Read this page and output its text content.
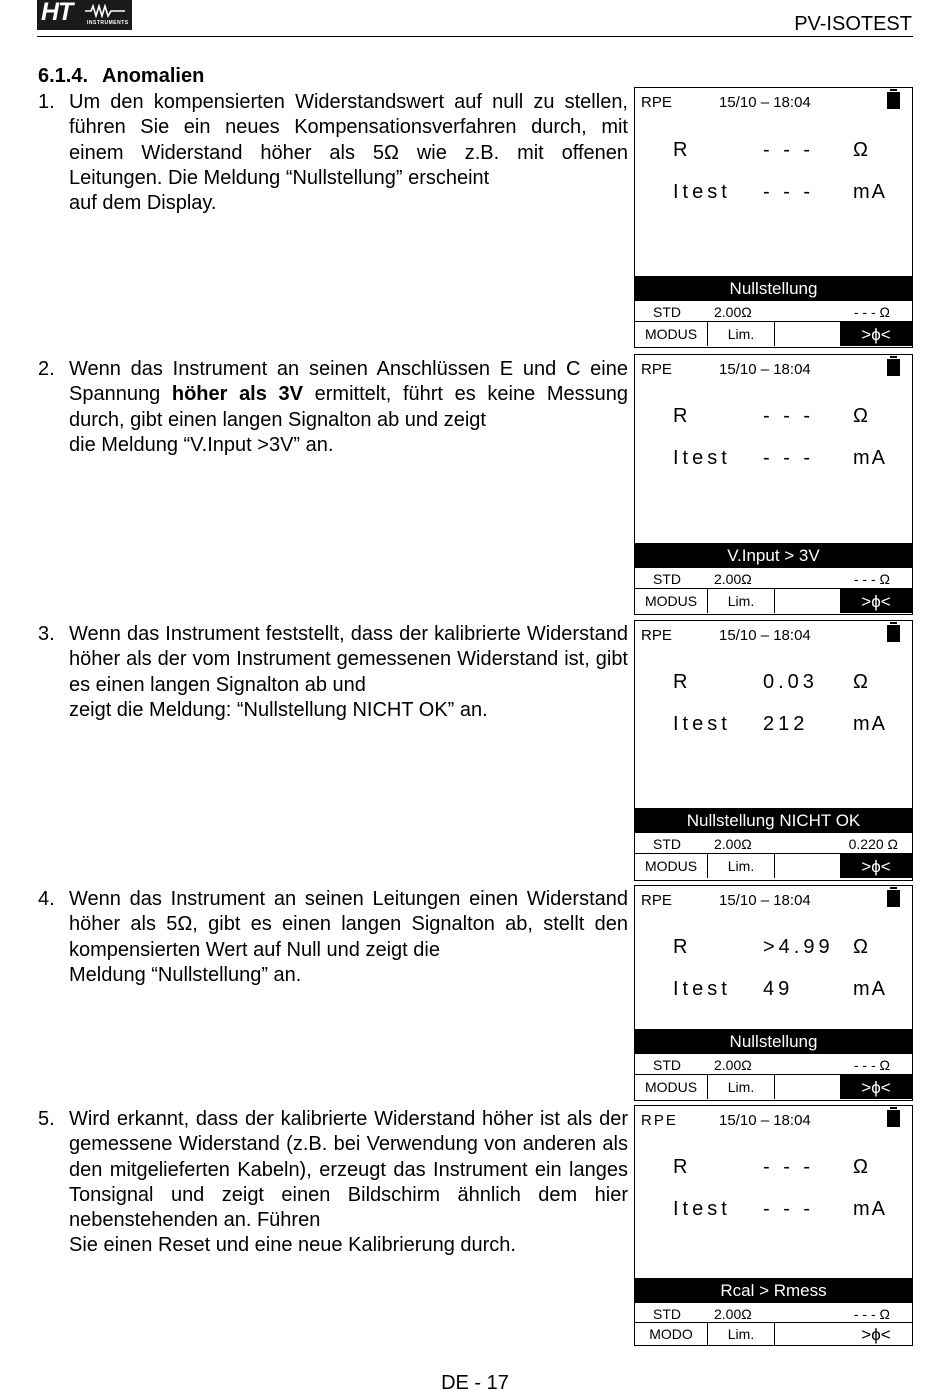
HT	INSTRUMENTS	PV-ISOTEST
6.1.4. Anomalien
1. Um den kompensierten Widerstandswert auf null zu stellen, führen Sie ein neues Kompensationsverfahren durch, mit einem Widerstand höher als 5Ω wie z.B. mit offenen Leitungen. Die Meldung “Nullstellung” erscheint
auf dem Display.
RPE	15/10 – 18:04
R	- - - Ω
Itest - - - mA
Nullstellung
STD 2.00Ω	- - - Ω
MODUS	Lim.	>ϕ<
2. Wenn das Instrument an seinen Anschlüssen E und C eine Spannung höher als 3V ermittelt, führt es keine Messung durch, gibt einen langen Signalton ab und zeigt
die Meldung “V.Input >3V” an.
RPE	15/10 – 18:04
R	- - - Ω
Itest - - - mA
V.Input > 3V
STD 2.00Ω	- - - Ω
MODUS	Lim.	>ϕ<
3. Wenn das Instrument feststellt, dass der kalibrierte Widerstand höher als der vom Instrument gemessenen Widerstand ist, gibt es einen langen Signalton ab und
zeigt die Meldung: “Nullstellung NICHT OK” an.
RPE	15/10 – 18:04
R	0.03 Ω
Itest 212 mA
Nullstellung NICHT OK
STD 2.00Ω	0.220 Ω
MODUS	Lim.	>ϕ<
4. Wenn das Instrument an seinen Leitungen einen Widerstand höher als 5Ω, gibt es einen langen Signalton ab, stellt den kompensierten Wert auf Null und zeigt die
Meldung “Nullstellung” an.
RPE	15/10 – 18:04
R	>4.99 Ω
Itest 49	mA
Nullstellung
STD 2.00Ω	- - - Ω
MODUS	Lim.	>ϕ<
5. Wird erkannt, dass der kalibrierte Widerstand höher ist als der gemessene Widerstand (z.B. bei Verwendung von anderen als den mitgelieferten Kabeln), erzeugt das Instrument ein langes Tonsignal und zeigt einen Bildschirm ähnlich dem hier nebenstehenden an. Führen
Sie einen Reset und eine neue Kalibrierung durch.
RPE	15/10 – 18:04
R	- - - Ω
Itest - - - mA
Rcal > Rmess
STD 2.00Ω	- - - Ω
MODO	Lim.	>ϕ<
DE - 17
